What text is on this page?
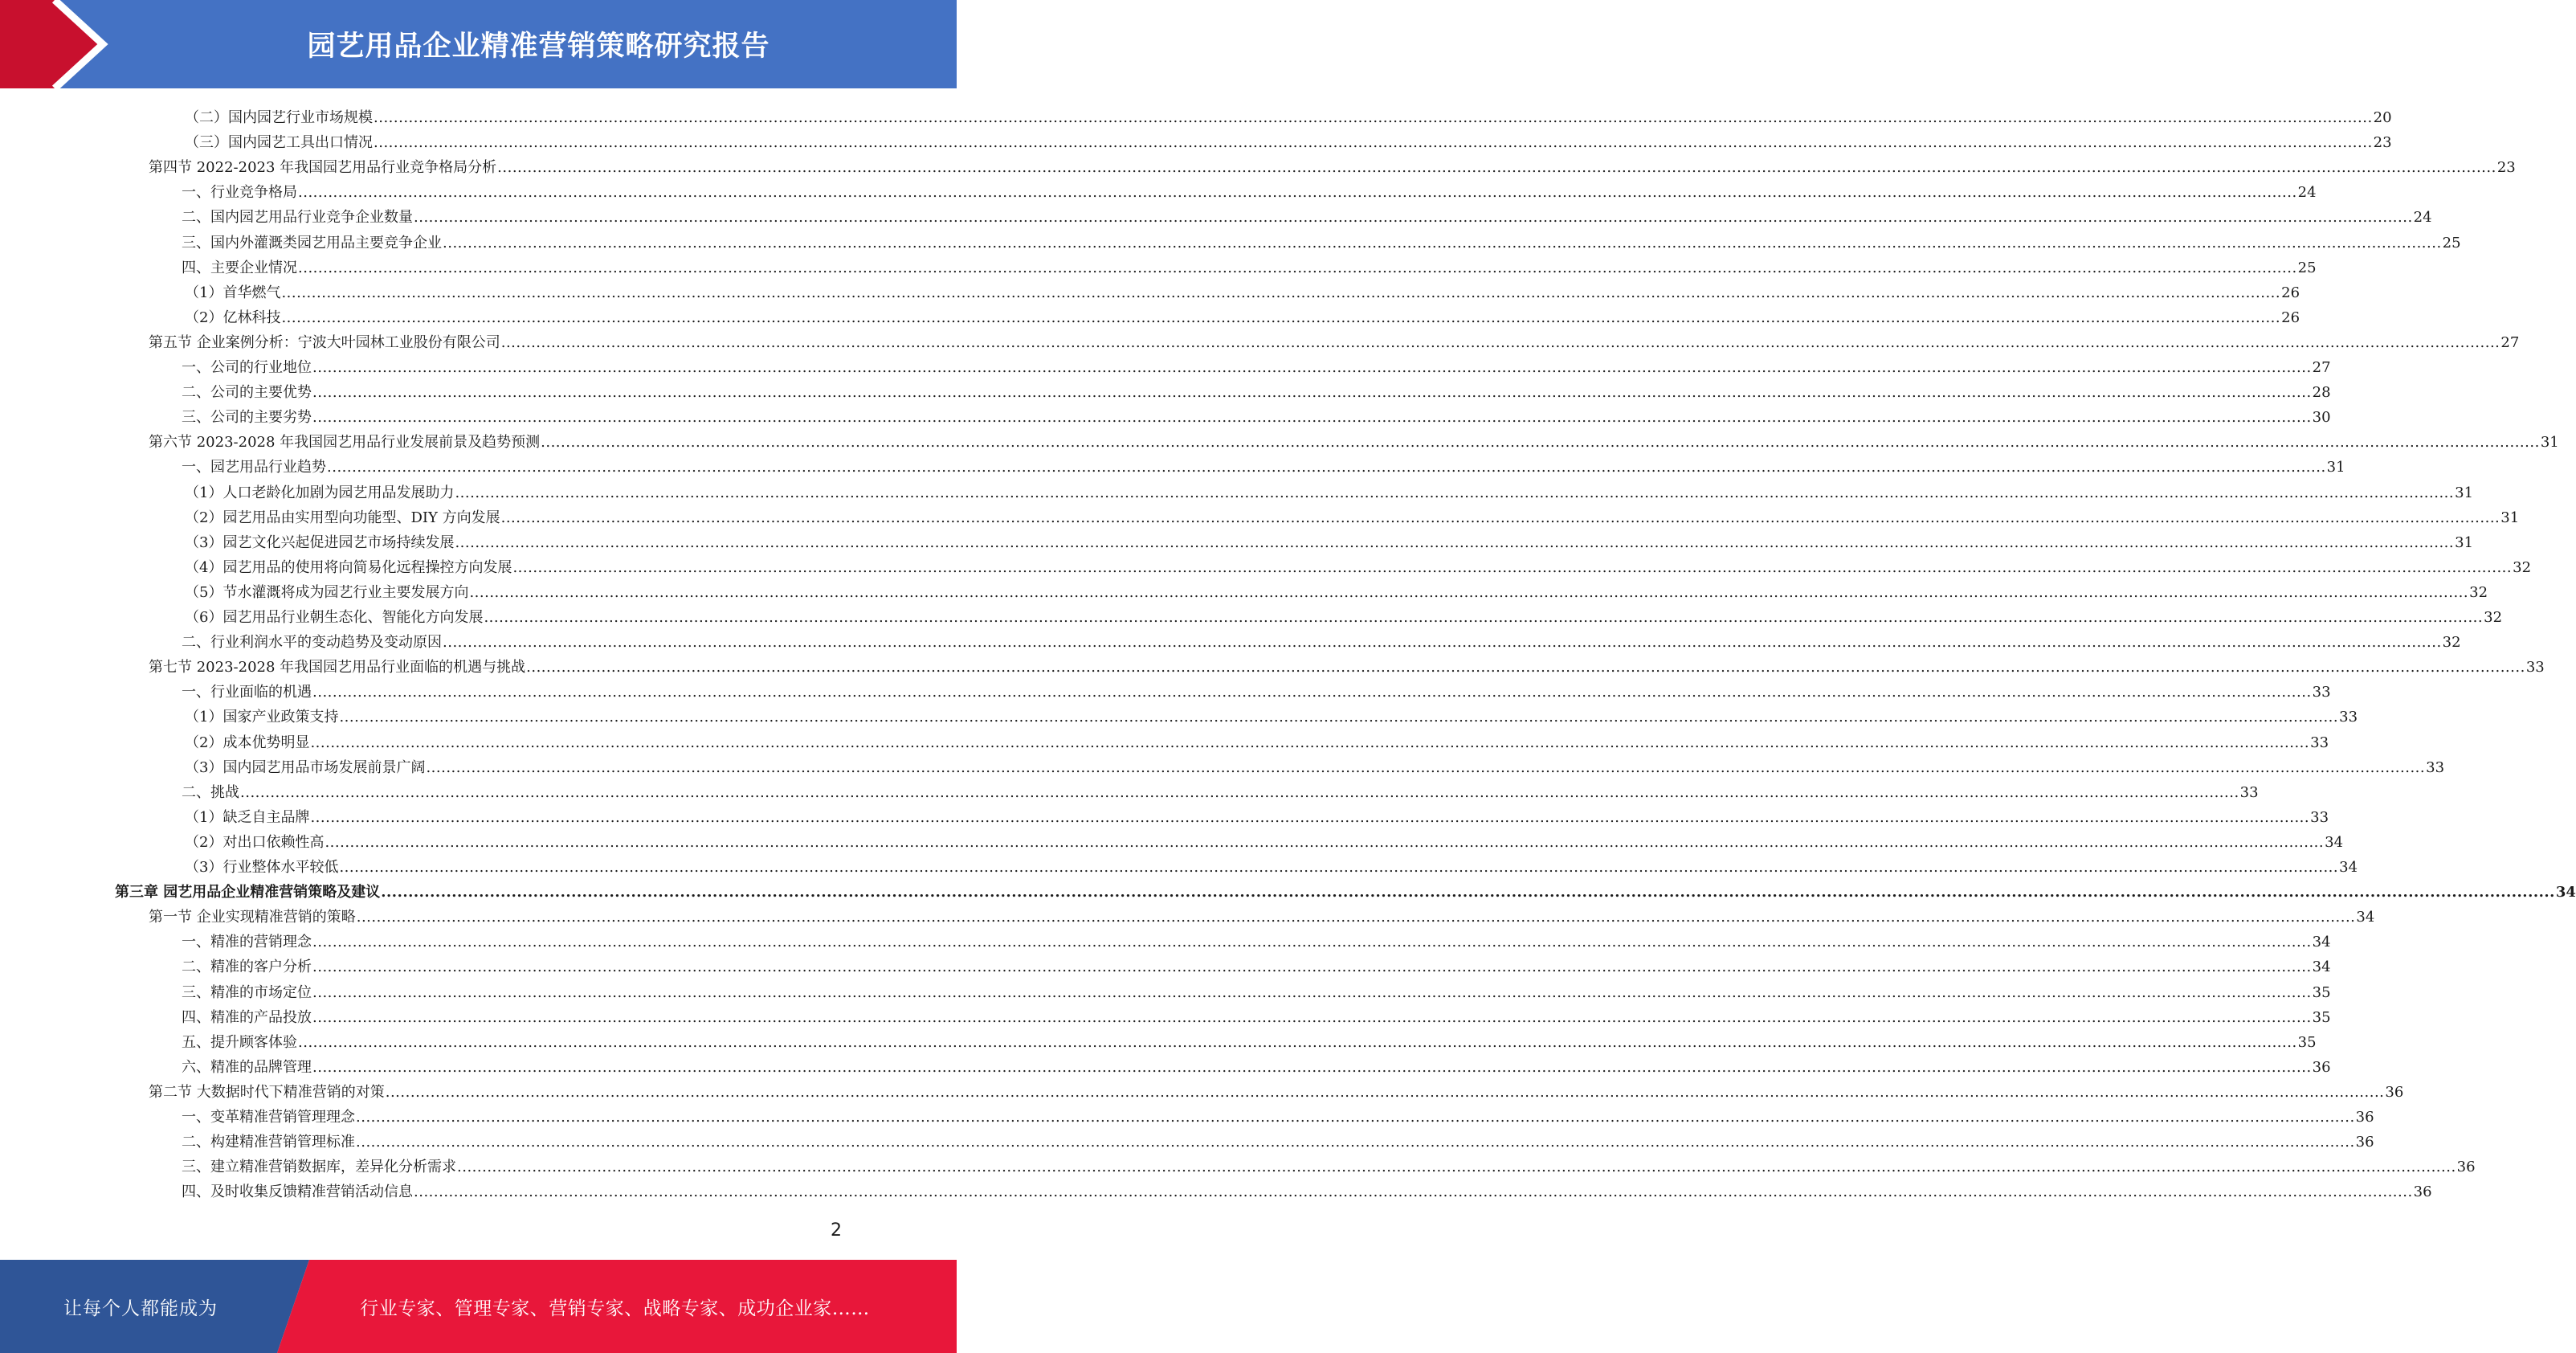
园艺用品企业精准营销策略研究报告
（二）国内园艺行业市场规模 ................................................................................................................................................................................................................................................................................................................................................................................................................ 20
（三）国内园艺工具出口情况 ................................................................................................................................................................................................................................................................................................................................................................................................................ 23
第四节 2022-2023 年我国园艺用品行业竞争格局分析 ................................................................................................................................................................................................................................................................................................................................................................................................................ 23
一、行业竞争格局 ................................................................................................................................................................................................................................................................................................................................................................................................................ 24
二、国内园艺用品行业竞争企业数量 ................................................................................................................................................................................................................................................................................................................................................................................................................ 24
三、国内外灌溉类园艺用品主要竞争企业 ................................................................................................................................................................................................................................................................................................................................................................................................................ 25
四、主要企业情况 ................................................................................................................................................................................................................................................................................................................................................................................................................ 25
（1）首华燃气 ................................................................................................................................................................................................................................................................................................................................................................................................................ 26
（2）亿林科技 ................................................................................................................................................................................................................................................................................................................................................................................................................ 26
第五节 企业案例分析：宁波大叶园林工业股份有限公司 ................................................................................................................................................................................................................................................................................................................................................................................................................ 27
一、公司的行业地位 ................................................................................................................................................................................................................................................................................................................................................................................................................ 27
二、公司的主要优势 ................................................................................................................................................................................................................................................................................................................................................................................................................ 28
三、公司的主要劣势 ................................................................................................................................................................................................................................................................................................................................................................................................................ 30
第六节 2023-2028 年我国园艺用品行业发展前景及趋势预测 ................................................................................................................................................................................................................................................................................................................................................................................................................ 31
一、园艺用品行业趋势 ................................................................................................................................................................................................................................................................................................................................................................................................................ 31
（1）人口老龄化加剧为园艺用品发展助力 ................................................................................................................................................................................................................................................................................................................................................................................................................ 31
（2）园艺用品由实用型向功能型、DIY 方向发展 ................................................................................................................................................................................................................................................................................................................................................................................................................ 31
（3）园艺文化兴起促进园艺市场持续发展 ................................................................................................................................................................................................................................................................................................................................................................................................................ 31
（4）园艺用品的使用将向简易化远程操控方向发展 ................................................................................................................................................................................................................................................................................................................................................................................................................ 32
（5）节水灌溉将成为园艺行业主要发展方向 ................................................................................................................................................................................................................................................................................................................................................................................................................ 32
（6）园艺用品行业朝生态化、智能化方向发展 ................................................................................................................................................................................................................................................................................................................................................................................................................ 32
二、行业利润水平的变动趋势及变动原因 ................................................................................................................................................................................................................................................................................................................................................................................................................ 32
第七节 2023-2028 年我国园艺用品行业面临的机遇与挑战 ................................................................................................................................................................................................................................................................................................................................................................................................................ 33
一、行业面临的机遇 ................................................................................................................................................................................................................................................................................................................................................................................................................ 33
（1）国家产业政策支持 ................................................................................................................................................................................................................................................................................................................................................................................................................ 33
（2）成本优势明显 ................................................................................................................................................................................................................................................................................................................................................................................................................ 33
（3）国内园艺用品市场发展前景广阔 ................................................................................................................................................................................................................................................................................................................................................................................................................ 33
二、挑战 ................................................................................................................................................................................................................................................................................................................................................................................................................ 33
（1）缺乏自主品牌 ................................................................................................................................................................................................................................................................................................................................................................................................................ 33
（2）对出口依赖性高 ................................................................................................................................................................................................................................................................................................................................................................................................................ 34
（3）行业整体水平较低 ................................................................................................................................................................................................................................................................................................................................................................................................................ 34
第三章 园艺用品企业精准营销策略及建议 ................................................................................................................................................................................................................................................................................................................................................................................................................ 34
第一节 企业实现精准营销的策略 ................................................................................................................................................................................................................................................................................................................................................................................................................ 34
一、精准的营销理念 ................................................................................................................................................................................................................................................................................................................................................................................................................ 34
二、精准的客户分析 ................................................................................................................................................................................................................................................................................................................................................................................................................ 34
三、精准的市场定位 ................................................................................................................................................................................................................................................................................................................................................................................................................ 35
四、精准的产品投放 ................................................................................................................................................................................................................................................................................................................................................................................................................ 35
五、提升顾客体验 ................................................................................................................................................................................................................................................................................................................................................................................................................ 35
六、精准的品牌管理 ................................................................................................................................................................................................................................................................................................................................................................................................................ 36
第二节 大数据时代下精准营销的对策 ................................................................................................................................................................................................................................................................................................................................................................................................................ 36
一、变革精准营销管理理念 ................................................................................................................................................................................................................................................................................................................................................................................................................ 36
二、构建精准营销管理标准 ................................................................................................................................................................................................................................................................................................................................................................................................................ 36
三、建立精准营销数据库，差异化分析需求 ................................................................................................................................................................................................................................................................................................................................................................................................................ 36
四、及时收集反馈精准营销活动信息 ................................................................................................................................................................................................................................................................................................................................................................................................................ 36
2
让每个人都能成为	行业专家、管理专家、营销专家、战略专家、成功企业家……
